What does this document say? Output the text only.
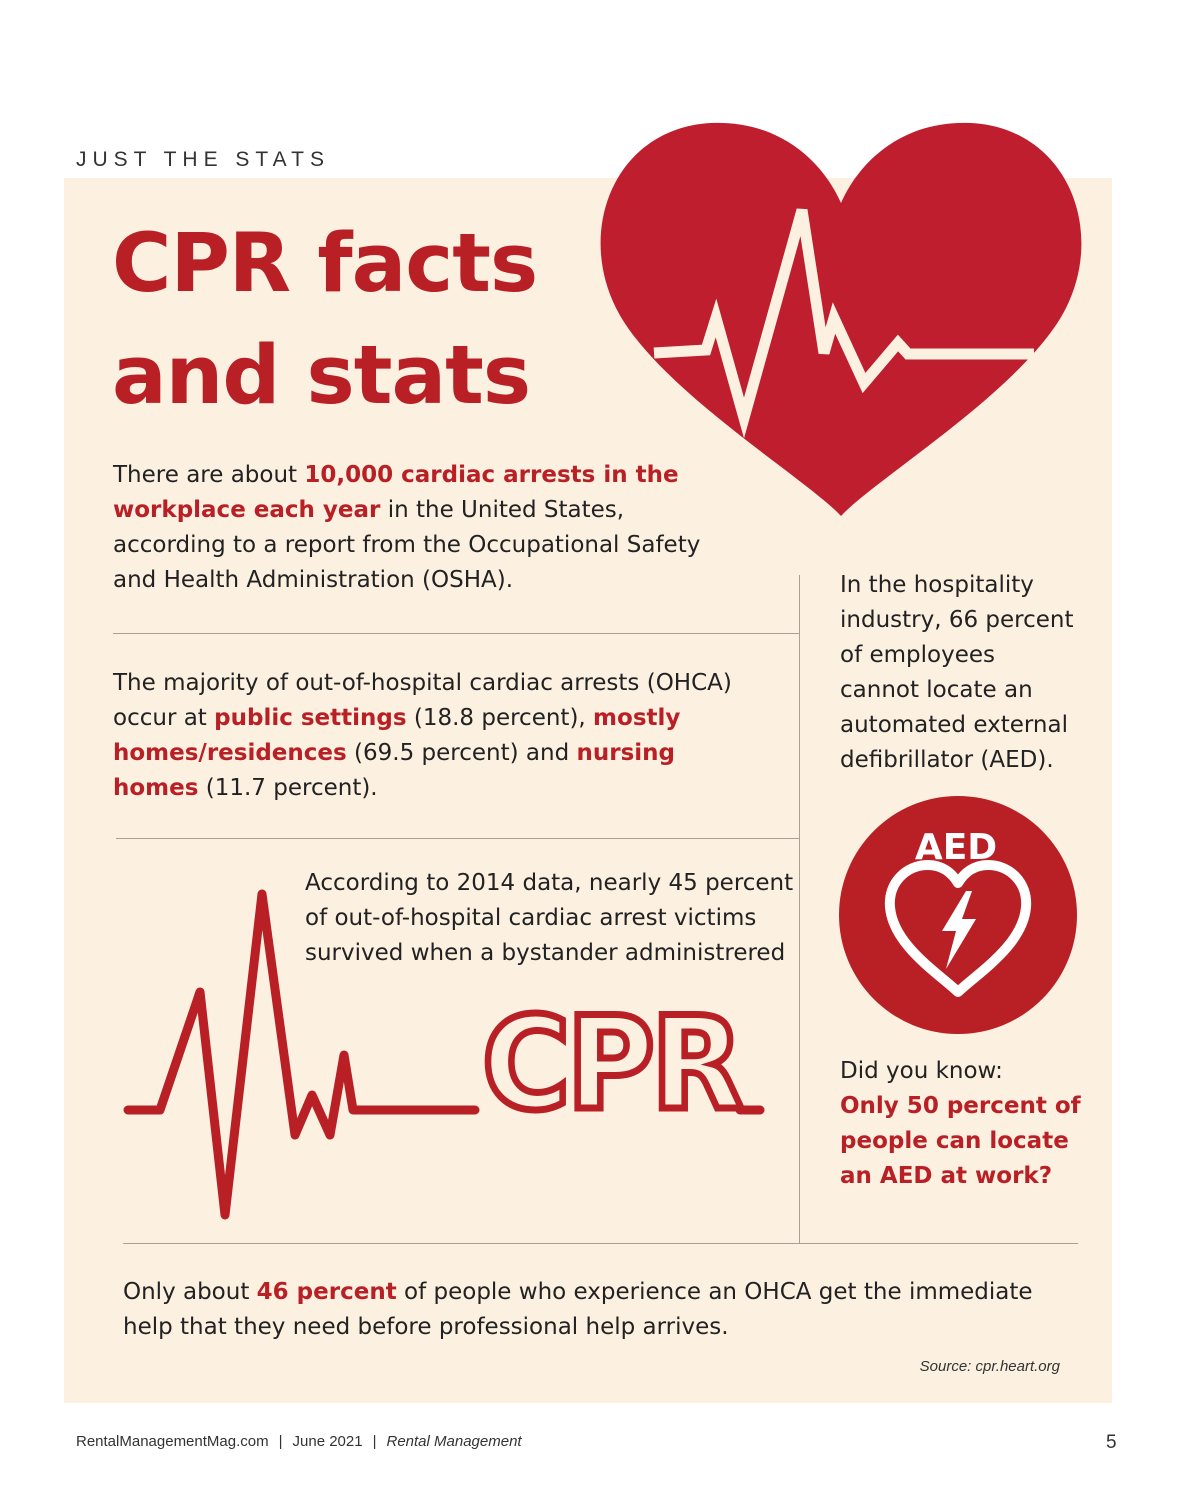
JUST THE STATS
CPR facts
and stats
There are about 10,000 cardiac arrests in the workplace each year in the United States, according to a report from the Occupational Safety and Health Administration (OSHA).
The majority of out-of-hospital cardiac arrests (OHCA) occur at public settings (18.8 percent), mostly homes/residences (69.5 percent) and nursing homes (11.7 percent).
According to 2014 data, nearly 45 percent of out-of-hospital cardiac arrest victims survived when a bystander administrered
CPR
In the hospitality industry, 66 percent of employees cannot locate an automated external defibrillator (AED).
AED
Did you know:
Only 50 percent of people can locate an AED at work?
Only about 46 percent of people who experience an OHCA get the immediate help that they need before professional help arrives.
Source: cpr.heart.org
RentalManagementMag.com | June 2021 | Rental Management	5
